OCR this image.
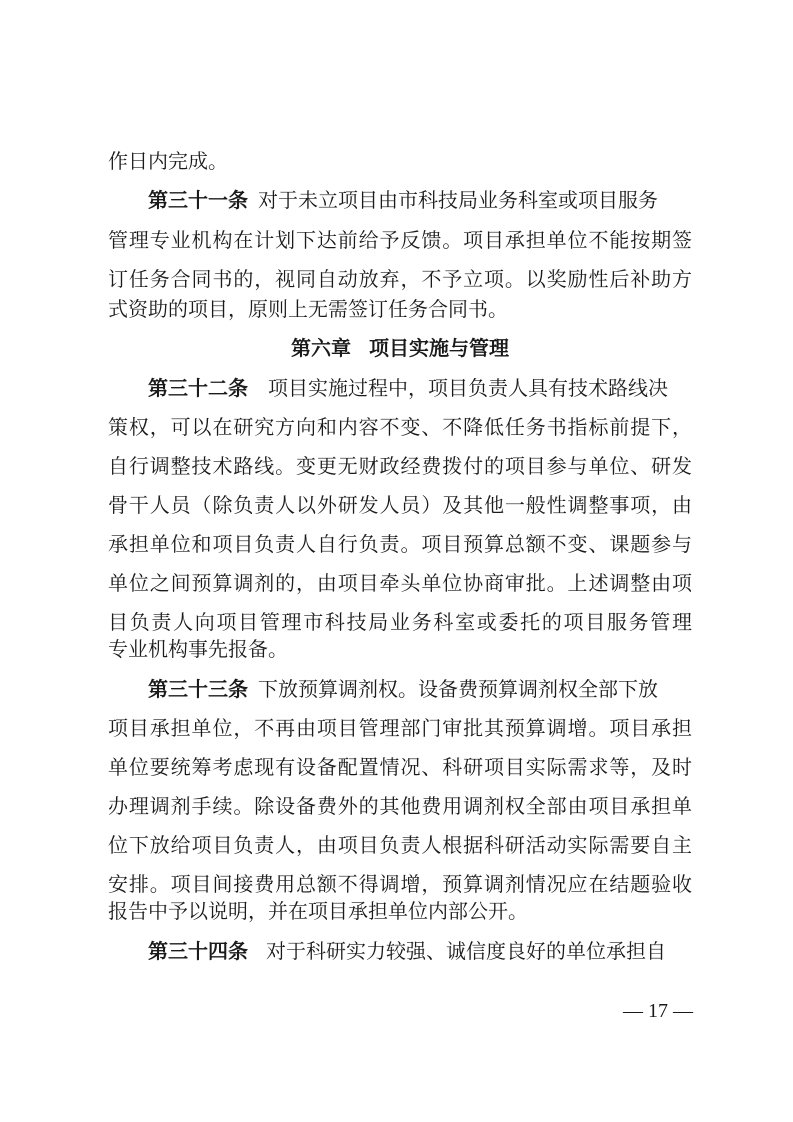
作日内完成。
第三十一条 对于未立项目由市科技局业务科室或项目服务
管理专业机构在计划下达前给予反馈。项目承担单位不能按期签
订任务合同书的，视同自动放弃，不予立项。以奖励性后补助方
式资助的项目，原则上无需签订任务合同书。
第六章 项目实施与管理
第三十二条 项目实施过程中，项目负责人具有技术路线决
策权，可以在研究方向和内容不变、不降低任务书指标前提下，
自行调整技术路线。变更无财政经费拨付的项目参与单位、研发
骨干人员（除负责人以外研发人员）及其他一般性调整事项，由
承担单位和项目负责人自行负责。项目预算总额不变、课题参与
单位之间预算调剂的，由项目牵头单位协商审批。上述调整由项
目负责人向项目管理市科技局业务科室或委托的项目服务管理
专业机构事先报备。
第三十三条 下放预算调剂权。设备费预算调剂权全部下放
项目承担单位，不再由项目管理部门审批其预算调增。项目承担
单位要统筹考虑现有设备配置情况、科研项目实际需求等，及时
办理调剂手续。除设备费外的其他费用调剂权全部由项目承担单
位下放给项目负责人，由项目负责人根据科研活动实际需要自主
安排。项目间接费用总额不得调增，预算调剂情况应在结题验收
报告中予以说明，并在项目承担单位内部公开。
第三十四条 对于科研实力较强、诚信度良好的单位承担自
— 17 —
